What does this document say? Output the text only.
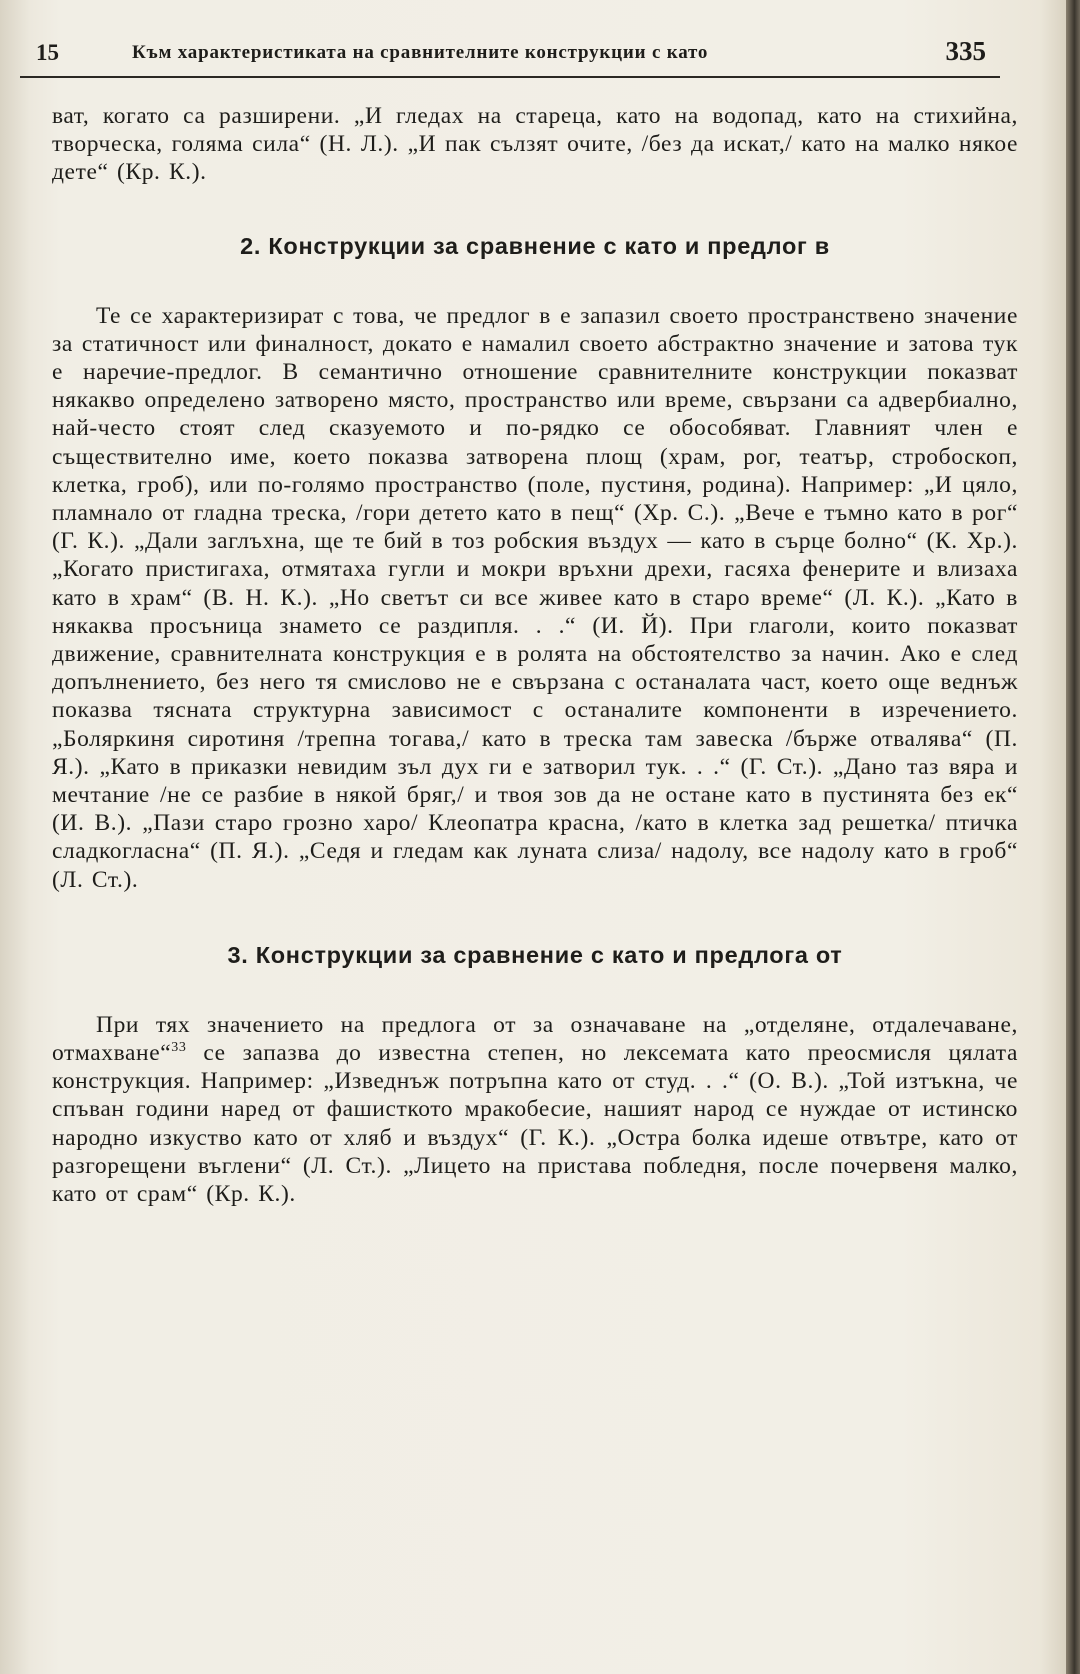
15	Към характеристиката на сравнителните конструкции с като	335

ват, когато са разширени. „И гледах на стареца, като на водопад, като на стихийна, творческа, голяма сила“ (Н. Л.). „И пак сълзят очите, /без да искат,/ като на малко някое дете“ (Кр. К.).

2. Конструкции за сравнение с като и предлог в

Те се характеризират с това, че предлог в е запазил своето пространствено значение за статичност или финалност, докато е намалил своето абстрактно значение и затова тук е наречие-предлог. В семантично отношение сравнителните конструкции показват някакво определено затворено място, пространство или време, свързани са адвербиално, най-често стоят след сказуемото и по-рядко се обособяват. Главният член е съществително име, което показва затворена площ (храм, рог, театър, стробоскоп, клетка, гроб), или по-голямо пространство (поле, пустиня, родина). Например: „И цяло, пламнало от гладна треска, /гори детето като в пещ“ (Хр. С.). „Вече е тъмно като в рог“ (Г. К.). „Дали заглъхна, ще те бий в тоз робския въздух — като в сърце болно“ (К. Хр.). „Когато пристигаха, отмятаха гугли и мокри връхни дрехи, гасяха фенерите и влизаха като в храм“ (В. Н. К.). „Но светът си все живее като в старо време“ (Л. К.). „Като в някаква просъница знамето се раздипля. . .“ (И. Й). При глаголи, които показват движение, сравнителната конструкция е в ролята на обстоятелство за начин. Ако е след допълнението, без него тя смислово не е свързана с останалата част, което още веднъж показва тясната структурна зависимост с останалите компоненти в изречението. „Боляркиня сиротиня /трепна тогава,/ като в треска там завеска /бърже отвалява“ (П. Я.). „Като в приказки невидим зъл дух ги е затворил тук. . .“ (Г. Ст.). „Дано таз вяра и мечтание /не се разбие в някой бряг,/ и твоя зов да не остане като в пустинята без ек“ (И. В.). „Пази старо грозно харо/ Клеопатра красна, /като в клетка зад решетка/ птичка сладкогласна“ (П. Я.). „Седя и гледам как луната слиза/ надолу, все надолу като в гроб“ (Л. Ст.).

3. Конструкции за сравнение с като и предлога от

При тях значението на предлога от за означаване на „отделяне, отдалечаване, отмахване“$^{33}$ се запазва до известна степен, но лексемата като преосмисля цялата конструкция. Например: „Изведнъж потръпна като от студ. . .“ (О. В.). „Той изтъкна, че спъван години наред от фашисткото мракобесие, нашият народ се нуждае от истинско народно изкуство като от хляб и въздух“ (Г. К.). „Остра болка идеше отвътре, като от разгорещени въглени“ (Л. Ст.). „Лицето на пристава побледня, после почервеня малко, като от срам“ (Кр. К.).
